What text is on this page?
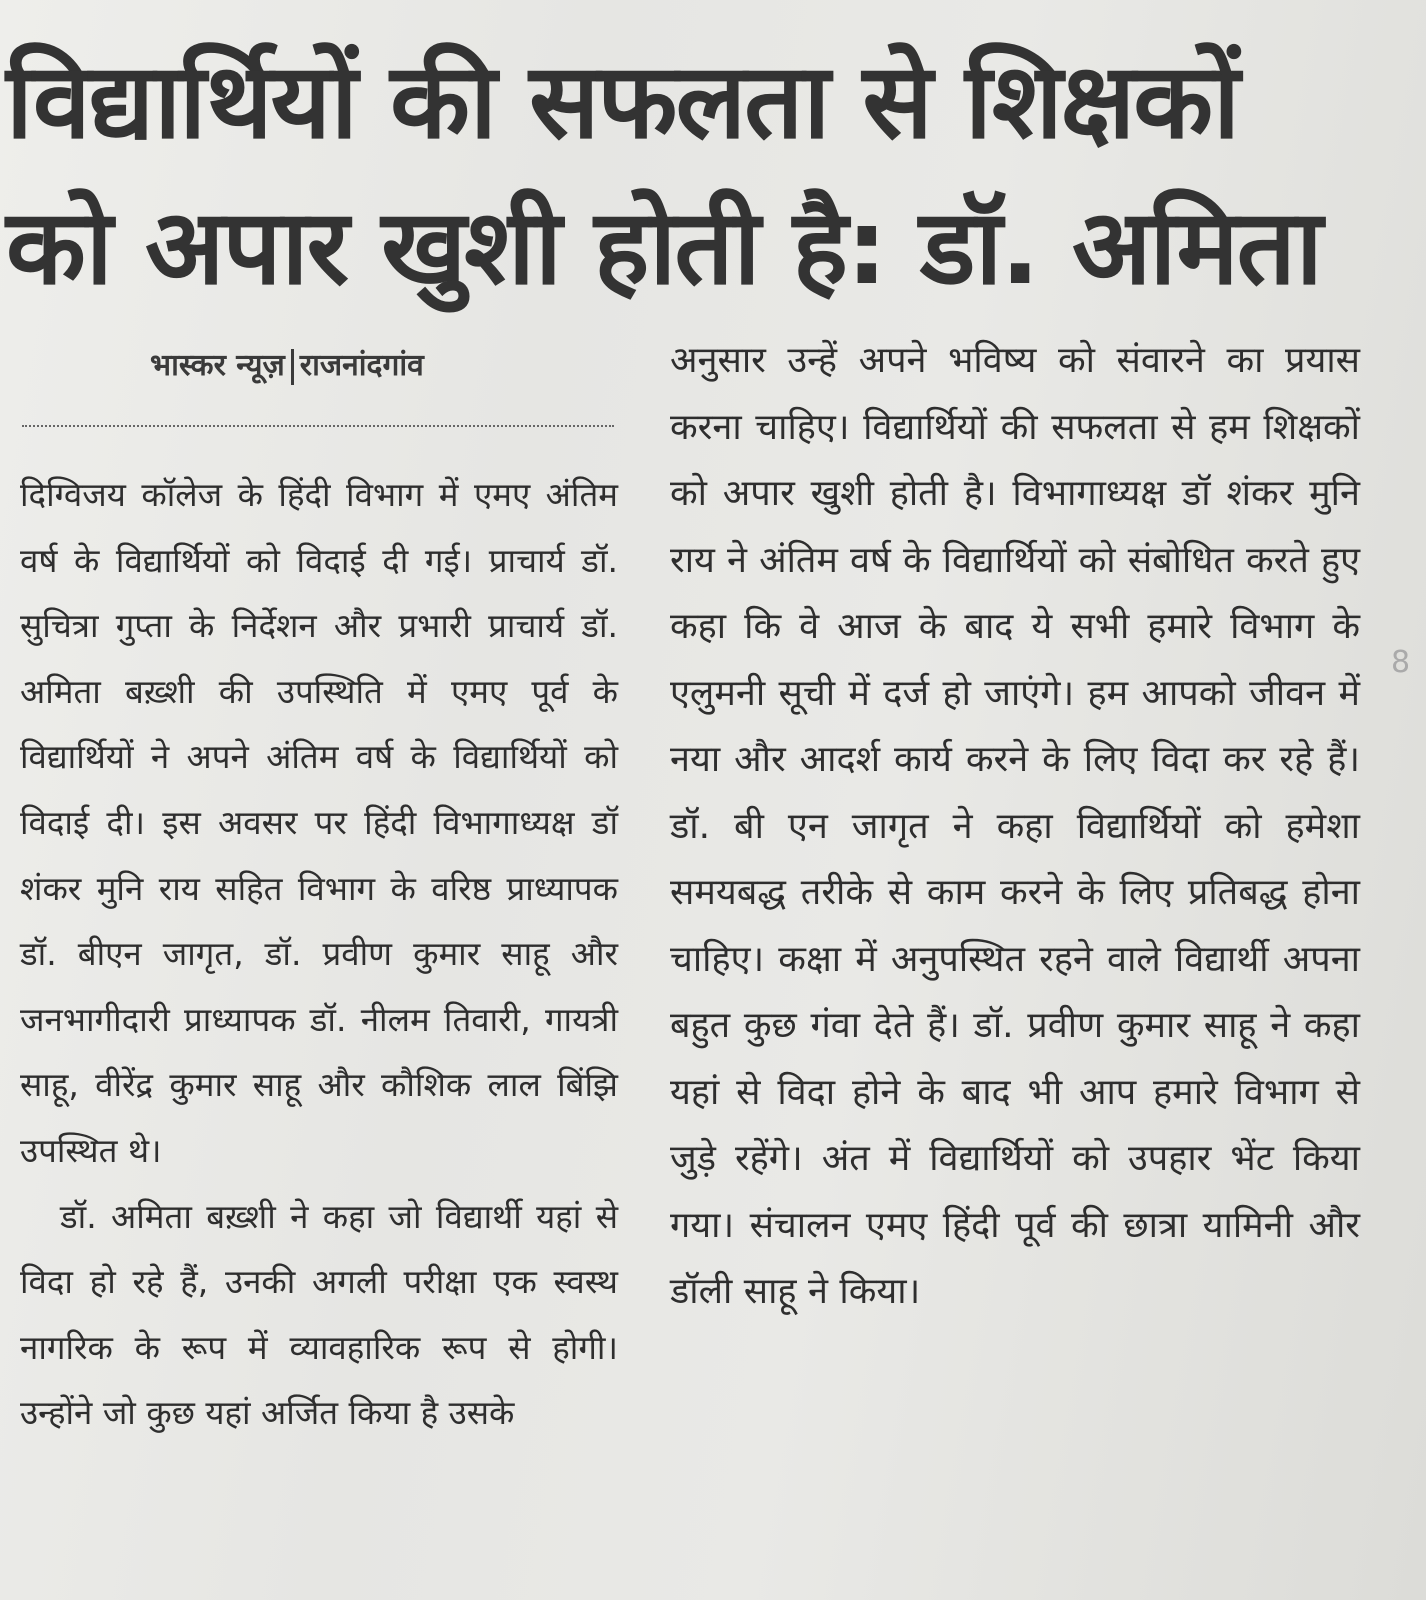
विद्यार्थियों की सफलता से शिक्षकों
को अपार खुशी होती है: डॉ. अमिता
भास्कर न्यूज़ राजनांदगांव

दिग्विजय कॉलेज के हिंदी विभाग में एमए अंतिम वर्ष के विद्यार्थियों को विदाई दी गई। प्राचार्य डॉ. सुचित्रा गुप्ता के निर्देशन और प्रभारी प्राचार्य डॉ. अमिता बख़्शी की उपस्थिति में एमए पूर्व के विद्यार्थियों ने अपने अंतिम वर्ष के विद्यार्थियों को विदाई दी। इस अवसर पर हिंदी विभागाध्यक्ष डॉ शंकर मुनि राय सहित विभाग के वरिष्ठ प्राध्यापक डॉ. बीएन जागृत, डॉ. प्रवीण कुमार साहू और जनभागीदारी प्राध्यापक डॉ. नीलम तिवारी, गायत्री साहू, वीरेंद्र कुमार साहू और कौशिक लाल बिंझि उपस्थित थे।

डॉ. अमिता बख़्शी ने कहा जो विद्यार्थी यहां से विदा हो रहे हैं, उनकी अगली परीक्षा एक स्वस्थ नागरिक के रूप में व्यावहारिक रूप से होगी। उन्होंने जो कुछ यहां अर्जित किया है उसके

अनुसार उन्हें अपने भविष्य को संवारने का प्रयास करना चाहिए। विद्यार्थियों की सफलता से हम शिक्षकों को अपार खुशी होती है। विभागाध्यक्ष डॉ शंकर मुनि राय ने अंतिम वर्ष के विद्यार्थियों को संबोधित करते हुए कहा कि वे आज के बाद ये सभी हमारे विभाग के एलुमनी सूची में दर्ज हो जाएंगे। हम आपको जीवन में नया और आदर्श कार्य करने के लिए विदा कर रहे हैं। डॉ. बी एन जागृत ने कहा विद्यार्थियों को हमेशा समयबद्ध तरीके से काम करने के लिए प्रतिबद्ध होना चाहिए। कक्षा में अनुपस्थित रहने वाले विद्यार्थी अपना बहुत कुछ गंवा देते हैं। डॉ. प्रवीण कुमार साहू ने कहा यहां से विदा होने के बाद भी आप हमारे विभाग से जुड़े रहेंगे। अंत में विद्यार्थियों को उपहार भेंट किया गया। संचालन एमए हिंदी पूर्व की छात्रा यामिनी और डॉली साहू ने किया।

8
